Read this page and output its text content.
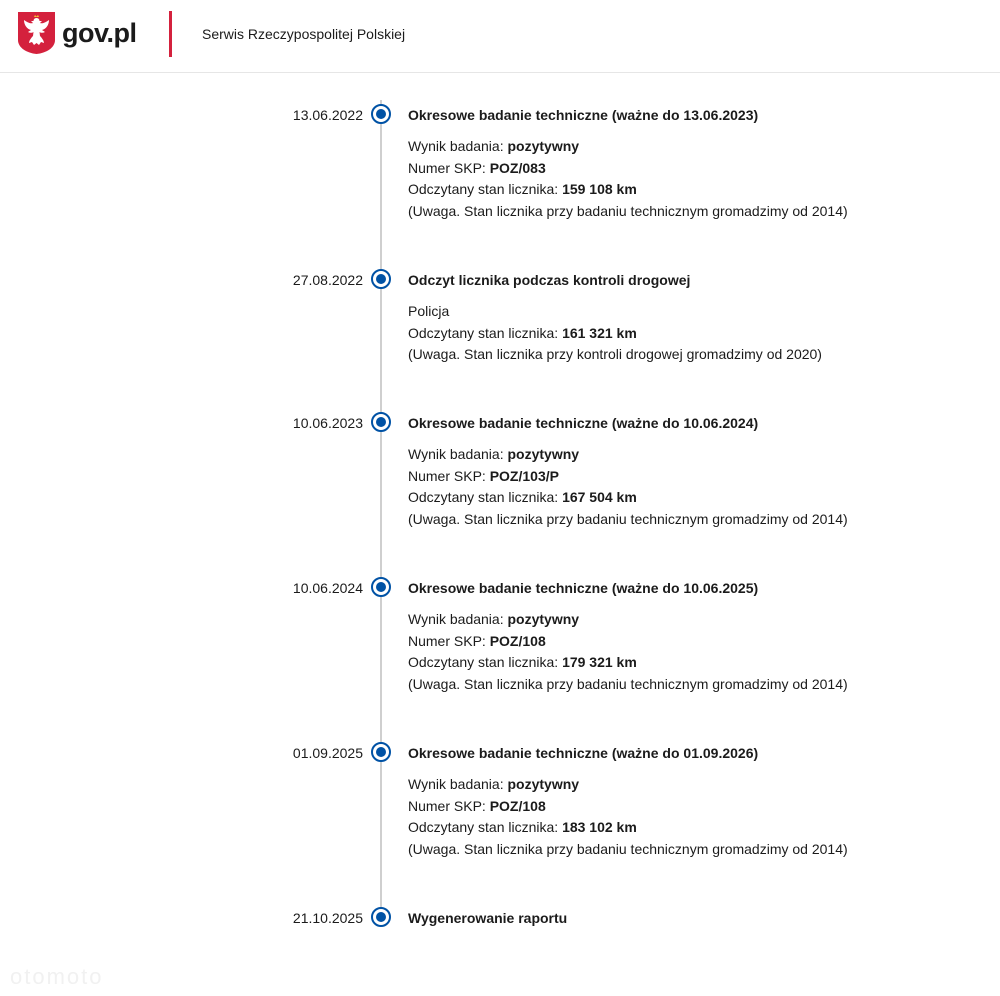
gov.pl	Serwis Rzeczypospolitej Polskiej
13.06.2022	Okresowe badanie techniczne (ważne do 13.06.2023)
Wynik badania: pozytywny
Numer SKP: POZ/083
Odczytany stan licznika: 159 108 km
(Uwaga. Stan licznika przy badaniu technicznym gromadzimy od 2014)
27.08.2022	Odczyt licznika podczas kontroli drogowej
Policja
Odczytany stan licznika: 161 321 km
(Uwaga. Stan licznika przy kontroli drogowej gromadzimy od 2020)
10.06.2023	Okresowe badanie techniczne (ważne do 10.06.2024)
Wynik badania: pozytywny
Numer SKP: POZ/103/P
Odczytany stan licznika: 167 504 km
(Uwaga. Stan licznika przy badaniu technicznym gromadzimy od 2014)
10.06.2024	Okresowe badanie techniczne (ważne do 10.06.2025)
Wynik badania: pozytywny
Numer SKP: POZ/108
Odczytany stan licznika: 179 321 km
(Uwaga. Stan licznika przy badaniu technicznym gromadzimy od 2014)
01.09.2025	Okresowe badanie techniczne (ważne do 01.09.2026)
Wynik badania: pozytywny
Numer SKP: POZ/108
Odczytany stan licznika: 183 102 km
(Uwaga. Stan licznika przy badaniu technicznym gromadzimy od 2014)
21.10.2025	Wygenerowanie raportu
otomoto
